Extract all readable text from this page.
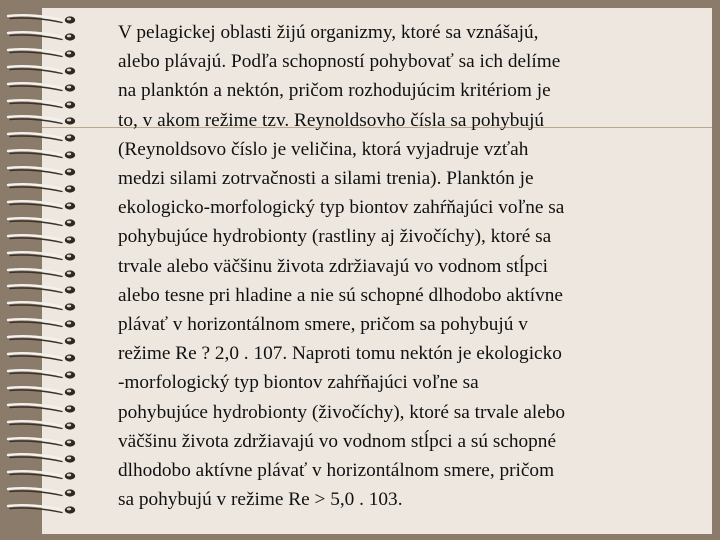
V pelagickej oblasti žijú organizmy, ktoré sa vznášajú,
alebo plávajú. Podľa schopností pohybovať sa ich delíme
na planktón a nektón, pričom rozhodujúcim kritériom je
to, v akom režime tzv. Reynoldsovho čísla sa pohybujú
(Reynoldsovo číslo je veličina, ktorá vyjadruje vzťah
medzi silami zotrvačnosti a silami trenia). Planktón je
ekologicko-morfologický typ biontov zahŕňajúci voľne sa
pohybujúce hydrobionty (rastliny aj živočíchy), ktoré sa
trvale alebo väčšinu života zdržiavajú vo vodnom stĺpci
alebo tesne pri hladine a nie sú schopné dlhodobo aktívne
plávať v horizontálnom smere, pričom sa pohybujú v
režime Re ? 2,0 . 107. Naproti tomu nektón je ekologicko
-morfologický typ biontov zahŕňajúci voľne sa
pohybujúce hydrobionty (živočíchy), ktoré sa trvale alebo
väčšinu života zdržiavajú vo vodnom stĺpci a sú schopné
dlhodobo aktívne plávať v horizontálnom smere, pričom
sa pohybujú v režime Re > 5,0 . 103.
